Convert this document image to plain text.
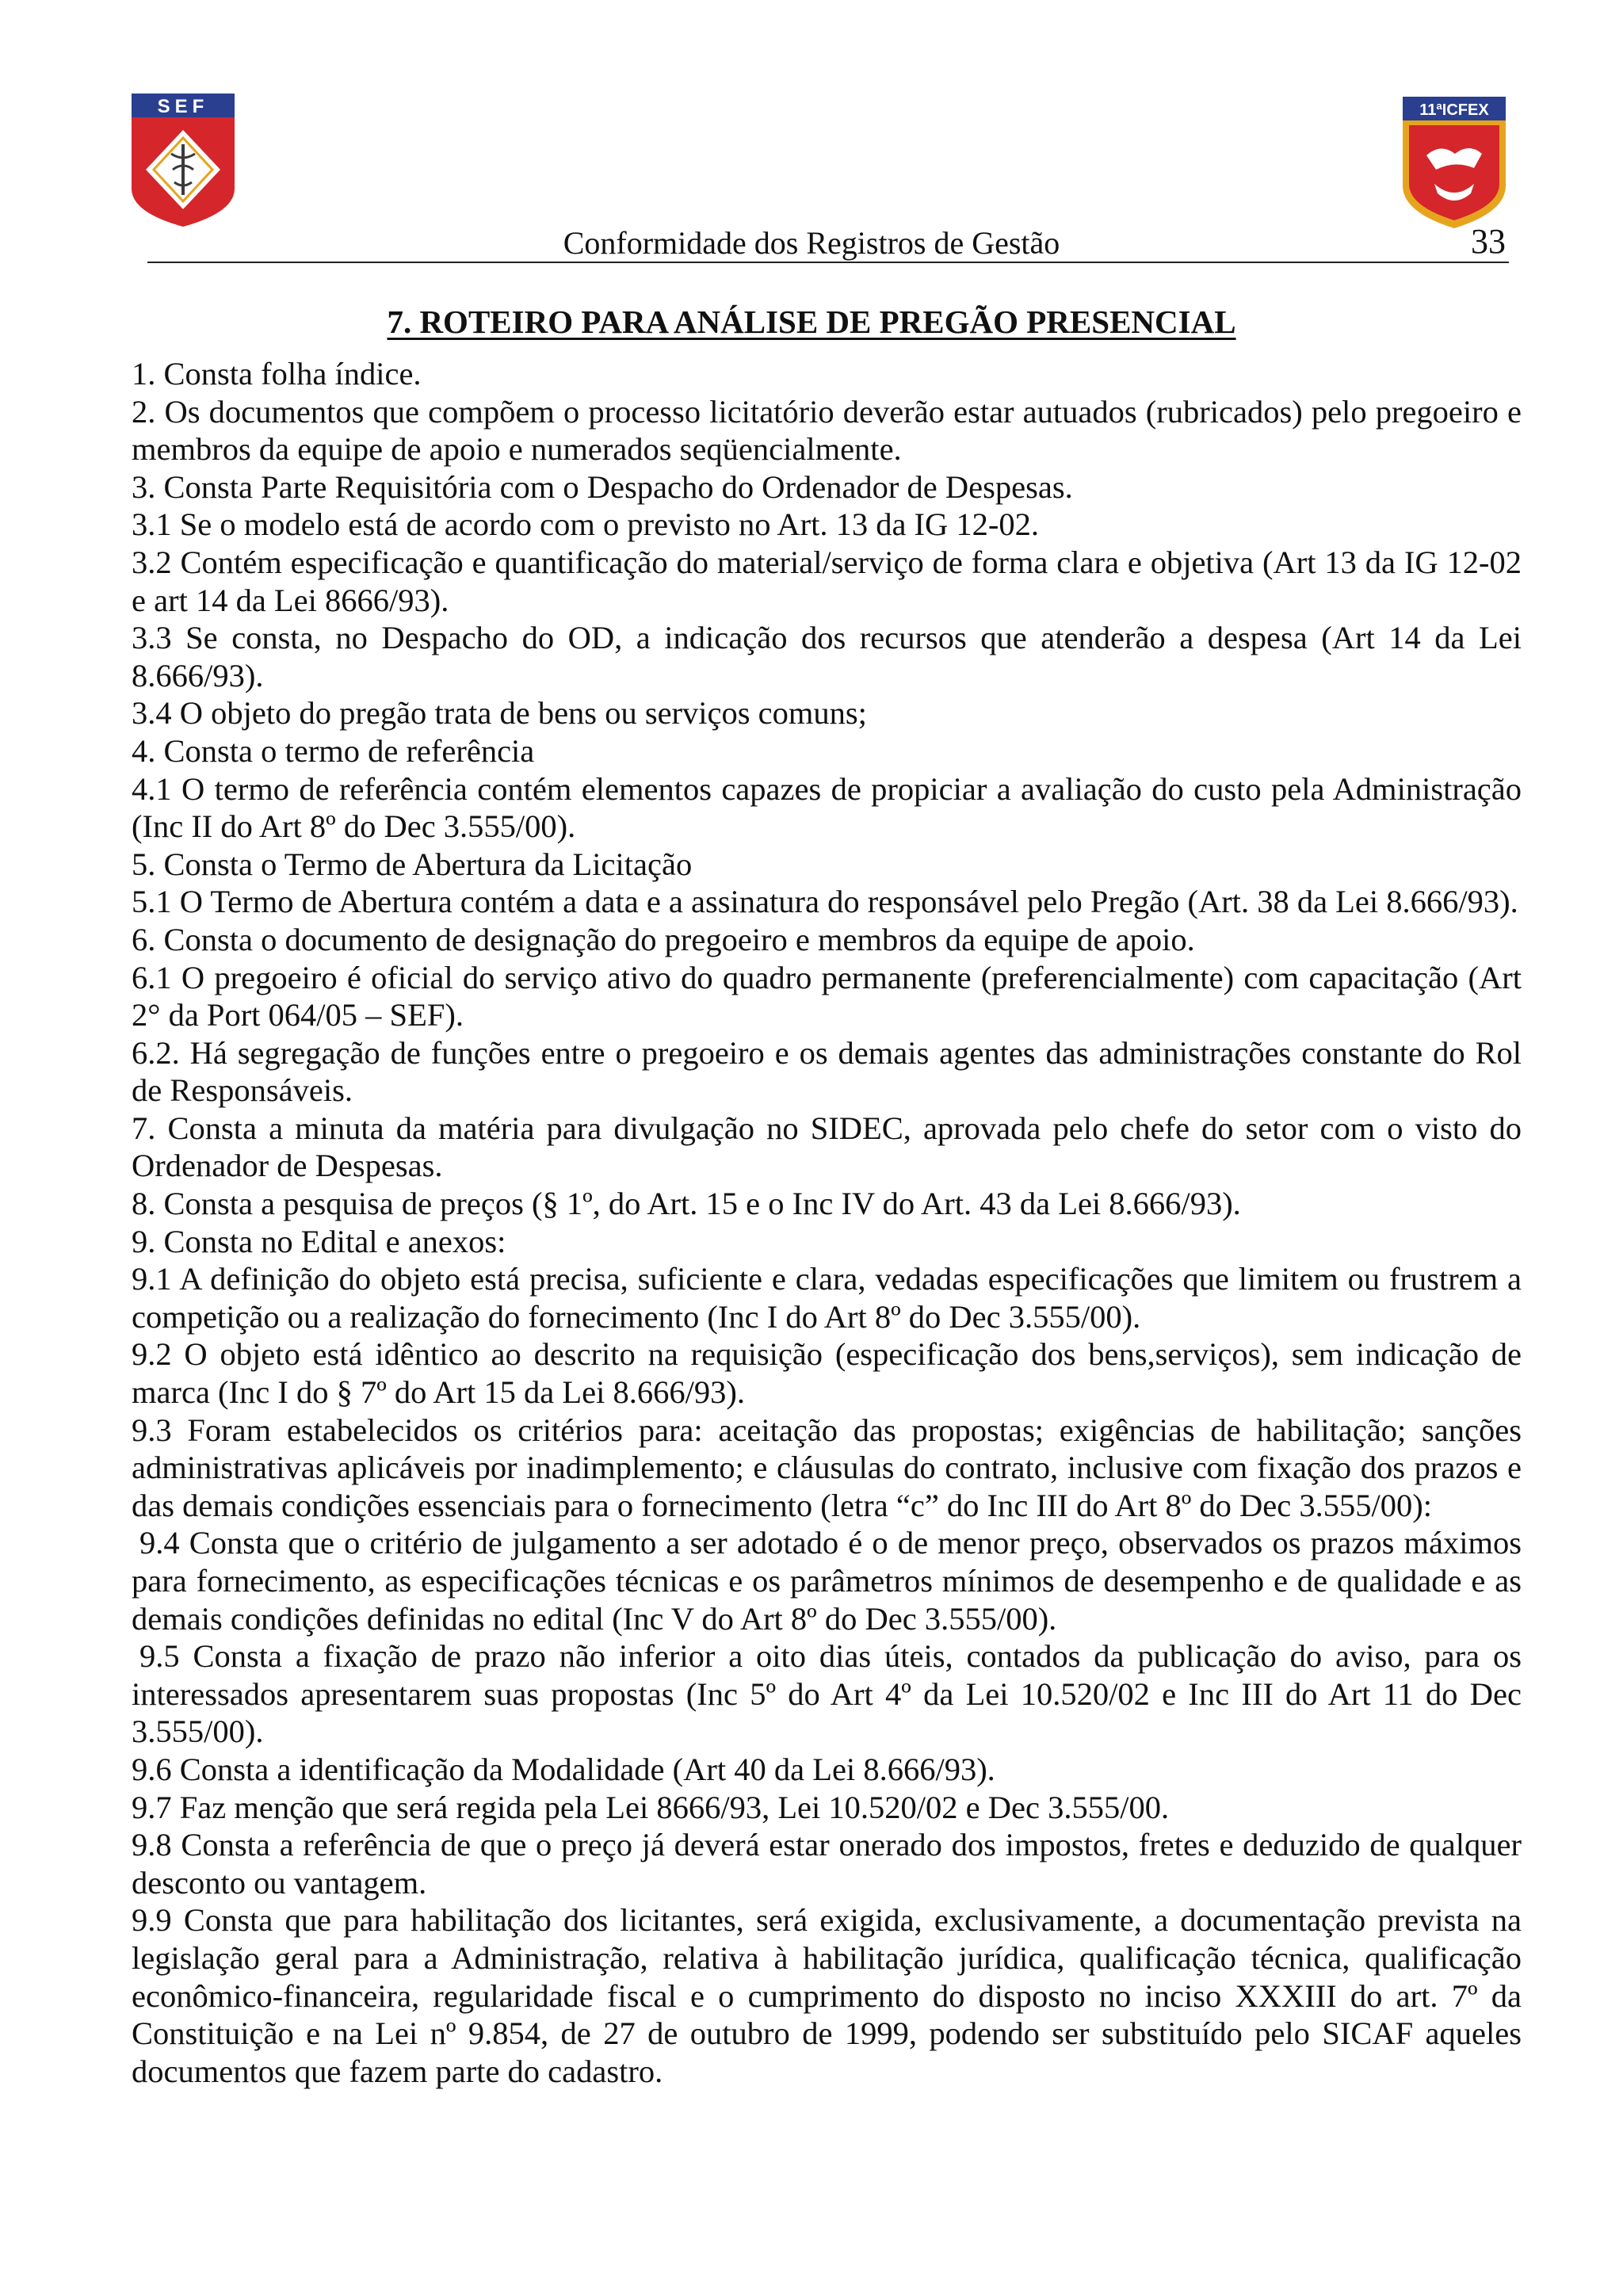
SEF	11ªICFEX
Conformidade dos Registros de Gestão	33
7. ROTEIRO PARA ANÁLISE DE PREGÃO PRESENCIAL

1. Consta folha índice.

2. Os documentos que compõem o processo licitatório deverão estar autuados (rubricados) pelo pregoeiro e membros da equipe de apoio e numerados seqüencialmente.

3. Consta Parte Requisitória com o Despacho do Ordenador de Despesas.

3.1 Se o modelo está de acordo com o previsto no Art. 13 da IG 12-02.

3.2 Contém especificação e quantificação do material/serviço de forma clara e objetiva (Art 13 da IG 12-02 e art 14 da Lei 8666/93).

3.3 Se consta, no Despacho do OD, a indicação dos recursos que atenderão a despesa (Art 14 da Lei 8.666/93).

3.4 O objeto do pregão trata de bens ou serviços comuns;

4. Consta o termo de referência

4.1 O termo de referência contém elementos capazes de propiciar a avaliação do custo pela Administração (Inc II do Art 8º do Dec 3.555/00).

5. Consta o Termo de Abertura da Licitação

5.1 O Termo de Abertura contém a data e a assinatura do responsável pelo Pregão (Art. 38 da Lei 8.666/93).

6. Consta o documento de designação do pregoeiro e membros da equipe de apoio.

6.1 O pregoeiro é oficial do serviço ativo do quadro permanente (preferencialmente) com capacitação (Art 2° da Port 064/05 – SEF).

6.2. Há segregação de funções entre o pregoeiro e os demais agentes das administrações constante do Rol de Responsáveis.

7. Consta a minuta da matéria para divulgação no SIDEC, aprovada pelo chefe do setor com o visto do Ordenador de Despesas.

8. Consta a pesquisa de preços (§ 1º, do Art. 15 e o Inc IV do Art. 43 da Lei 8.666/93).

9. Consta no Edital e anexos:

9.1 A definição do objeto está precisa, suficiente e clara, vedadas especificações que limitem ou frustrem a competição ou a realização do fornecimento (Inc I do Art 8º do Dec 3.555/00).

9.2 O objeto está idêntico ao descrito na requisição (especificação dos bens,serviços), sem indicação de marca (Inc I do § 7º do Art 15 da Lei 8.666/93).

9.3 Foram estabelecidos os critérios para: aceitação das propostas; exigências de habilitação; sanções administrativas aplicáveis por inadimplemento; e cláusulas do contrato, inclusive com fixação dos prazos e das demais condições essenciais para o fornecimento (letra “c” do Inc III do Art 8º do Dec 3.555/00):

9.4 Consta que o critério de julgamento a ser adotado é o de menor preço, observados os prazos máximos para fornecimento, as especificações técnicas e os parâmetros mínimos de desempenho e de qualidade e as demais condições definidas no edital (Inc V do Art 8º do Dec 3.555/00).

9.5 Consta a fixação de prazo não inferior a oito dias úteis, contados da publicação do aviso, para os interessados apresentarem suas propostas (Inc 5º do Art 4º da Lei 10.520/02 e Inc III do Art 11 do Dec 3.555/00).

9.6 Consta a identificação da Modalidade (Art 40 da Lei 8.666/93).

9.7 Faz menção que será regida pela Lei 8666/93, Lei 10.520/02 e Dec 3.555/00.

9.8 Consta a referência de que o preço já deverá estar onerado dos impostos, fretes e deduzido de qualquer desconto ou vantagem.

9.9 Consta que para habilitação dos licitantes, será exigida, exclusivamente, a documentação prevista na legislação geral para a Administração, relativa à habilitação jurídica, qualificação técnica, qualificação econômico-financeira, regularidade fiscal e o cumprimento do disposto no inciso XXXIII do art. 7º da Constituição e na Lei nº 9.854, de 27 de outubro de 1999, podendo ser substituído pelo SICAF aqueles documentos que fazem parte do cadastro.
